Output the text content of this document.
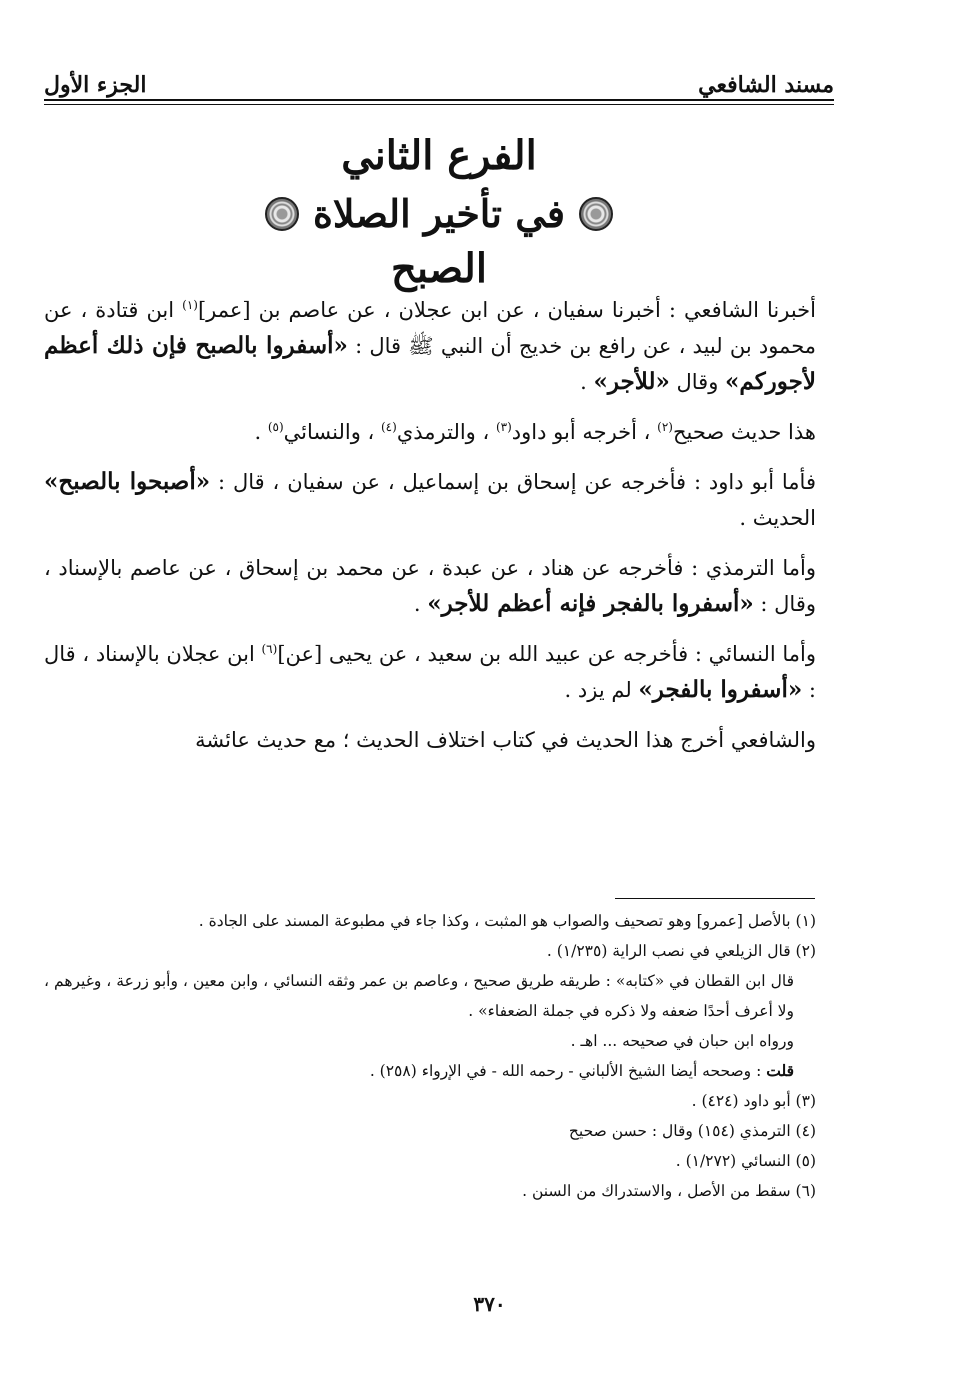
مسند الشافعي
الجزء الأول
الفرع الثاني
في تأخير الصلاة
الصبح

أخبرنا الشافعي : أخبرنا سفيان ، عن ابن عجلان ، عن عاصم بن [عمر]$^{(١)}$ ابن قتادة ، عن محمود بن لبيد ، عن رافع بن خديج أن النبي ﷺ قال : «أسفروا بالصبح فإن ذلك أعظم لأجوركم» وقال «للأجر» .

هذا حديث صحيح$^{(٢)}$ ، أخرجه أبو داود$^{(٣)}$ ، والترمذي$^{(٤)}$ ، والنسائي$^{(٥)}$ .

فأما أبو داود : فأخرجه عن إسحاق بن إسماعيل ، عن سفيان ، قال : «أصبحوا بالصبح» الحديث .

وأما الترمذي : فأخرجه عن هناد ، عن عبدة ، عن محمد بن إسحاق ، عن عاصم بالإسناد ، وقال : «أسفروا بالفجر فإنه أعظم للأجر» .

وأما النسائي : فأخرجه عن عبيد الله بن سعيد ، عن يحيى [عن]$^{(٦)}$ ابن عجلان بالإسناد ، قال : «أسفروا بالفجر» لم يزد .

والشافعي أخرج هذا الحديث في كتاب اختلاف الحديث ؛ مع حديث عائشة

(١) بالأصل [عمرو] وهو تصحيف والصواب هو المثبت ، وكذا جاء في مطبوعة المسند على الجادة .

(٢) قال الزيلعي في نصب الراية (١/٢٣٥) .

قال ابن القطان في «كتابه» : طريقه طريق صحيح ، وعاصم بن عمر وثقه النسائي ، وابن معين ، وأبو زرعة ، وغيرهم ، ولا أعرف أحدًا ضعفه ولا ذكره في جملة الضعفاء» .

ورواه ابن حبان في صحيحه ... اهـ .

قلت : وصححه أيضا الشيخ الألباني - رحمه الله - في الإرواء (٢٥٨) .

(٣) أبو داود (٤٢٤) .

(٤) الترمذي (١٥٤) وقال : حسن صحيح

(٥) النسائي (١/٢٧٢) .

(٦) سقط من الأصل ، والاستدراك من السنن .

٣٧٠
